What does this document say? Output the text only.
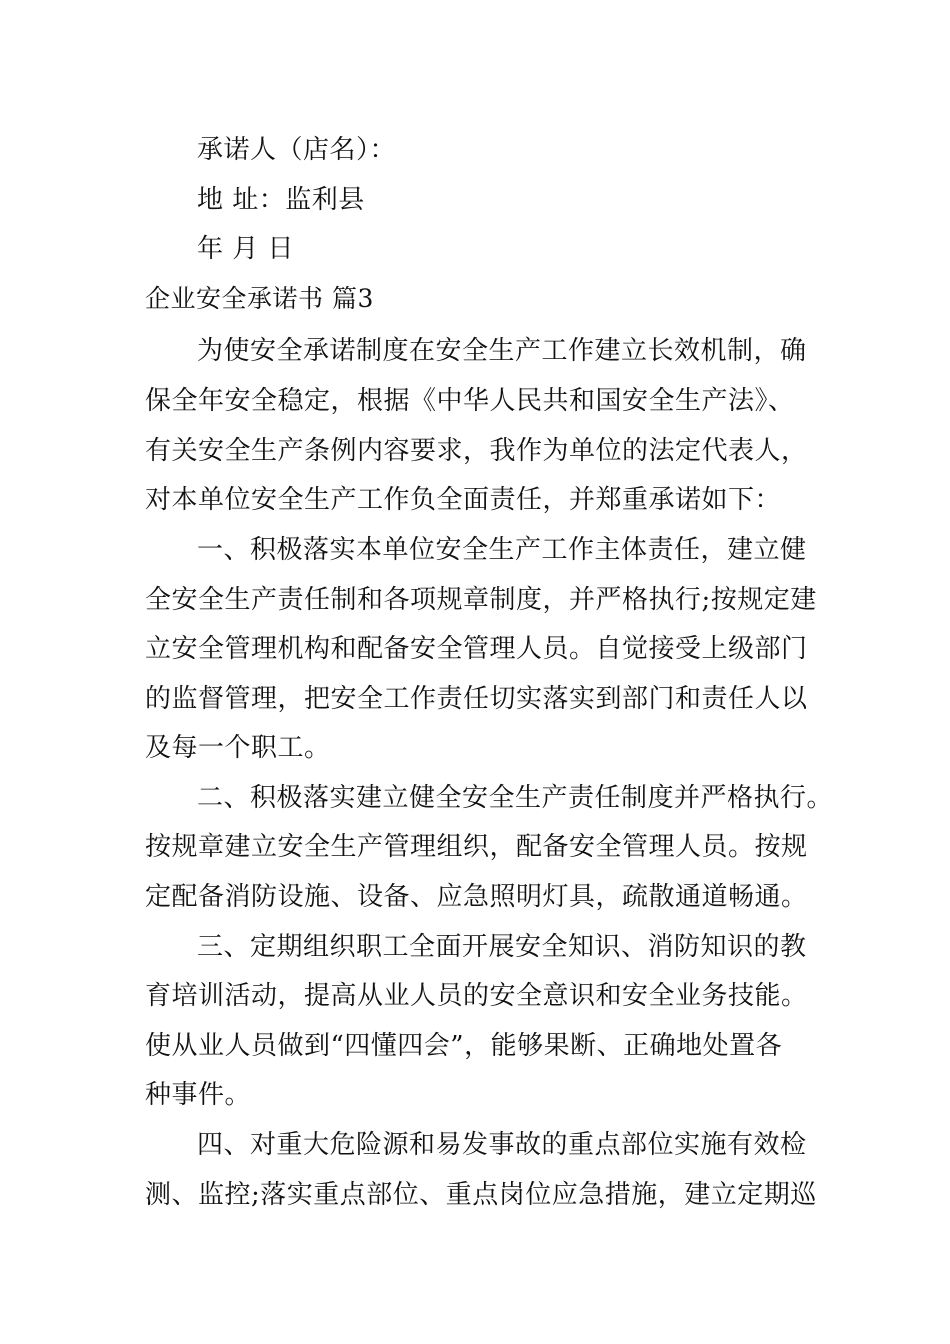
承诺人（店名）：
地 址：监利县
年 月 日
企业安全承诺书 篇3
为使安全承诺制度在安全生产工作建立长效机制，确
保全年安全稳定，根据《中华人民共和国安全生产法》、
有关安全生产条例内容要求，我作为单位的法定代表人，
对本单位安全生产工作负全面责任，并郑重承诺如下：
一、积极落实本单位安全生产工作主体责任，建立健
全安全生产责任制和各项规章制度，并严格执行;按规定建
立安全管理机构和配备安全管理人员。自觉接受上级部门
的监督管理，把安全工作责任切实落实到部门和责任人以
及每一个职工。
二、积极落实建立健全安全生产责任制度并严格执行。
按规章建立安全生产管理组织，配备安全管理人员。按规
定配备消防设施、设备、应急照明灯具，疏散通道畅通。
三、定期组织职工全面开展安全知识、消防知识的教
育培训活动，提高从业人员的安全意识和安全业务技能。
使从业人员做到“四懂四会”，能够果断、正确地处置各
种事件。
四、对重大危险源和易发事故的重点部位实施有效检
测、监控;落实重点部位、重点岗位应急措施，建立定期巡
